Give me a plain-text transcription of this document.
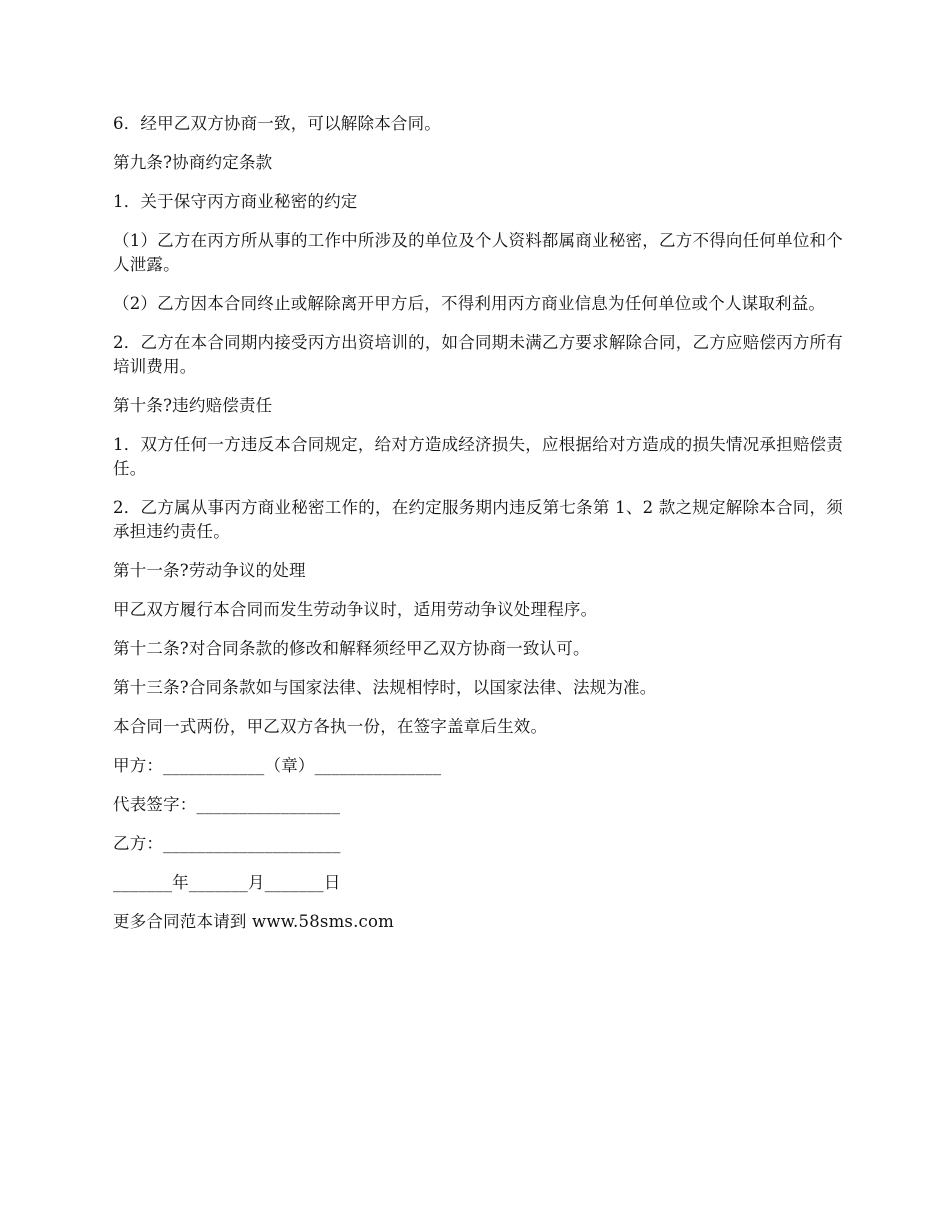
6．经甲乙双方协商一致，可以解除本合同。

第九条?协商约定条款

1．关于保守丙方商业秘密的约定

（1）乙方在丙方所从事的工作中所涉及的单位及个人资料都属商业秘密，乙方不得向任何单位和个人泄露。

（2）乙方因本合同终止或解除离开甲方后，不得利用丙方商业信息为任何单位或个人谋取利益。

2．乙方在本合同期内接受丙方出资培训的，如合同期未满乙方要求解除合同，乙方应赔偿丙方所有培训费用。

第十条?违约赔偿责任

1．双方任何一方违反本合同规定，给对方造成经济损失，应根据给对方造成的损失情况承担赔偿责任。

2．乙方属从事丙方商业秘密工作的，在约定服务期内违反第七条第 1、2 款之规定解除本合同，须承担违约责任。

第十一条?劳动争议的处理

甲乙双方履行本合同而发生劳动争议时，适用劳动争议处理程序。

第十二条?对合同条款的修改和解释须经甲乙双方协商一致认可。

第十三条?合同条款如与国家法律、法规相悖时，以国家法律、法规为准。

本合同一式两份，甲乙双方各执一份，在签字盖章后生效。

甲方：____________（章）_______________

代表签字：_________________

乙方：_____________________

_______年_______月_______日

更多合同范本请到 www.58sms.com
